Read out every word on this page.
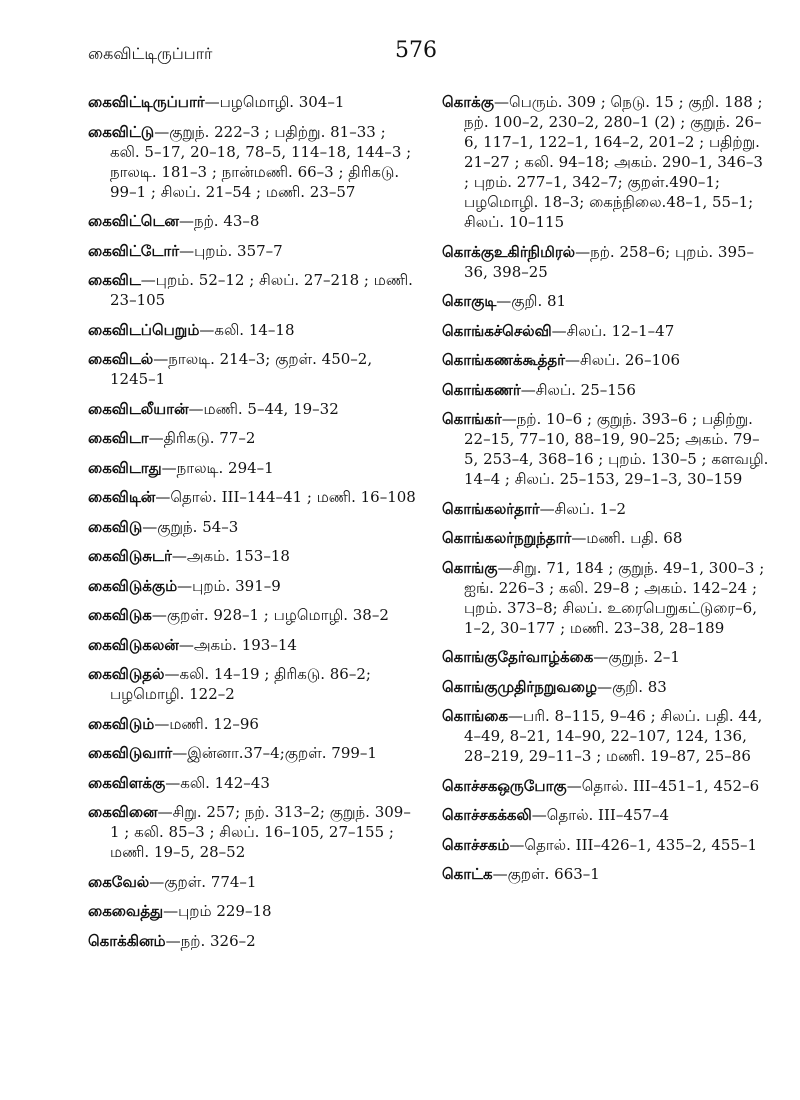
கைவிட்டிருப்பார்	576
கைவிட்டிருப்பார்—பழமொழி. 304–1
கைவிட்டு—குறுந். 222–3 ; பதிற்று. 81–33 ; கலி. 5–17, 20–18, 78–5, 114–18, 144–3 ; நாலடி. 181–3 ; நான்மணி. 66–3 ; திரிகடு. 99–1 ; சிலப். 21–54 ; மணி. 23–57
கைவிட்டென—நற். 43–8
கைவிட்டோர்—புறம். 357–7
கைவிட—புறம். 52–12 ; சிலப். 27–218 ; மணி. 23–105
கைவிடப்பெறும்—கலி. 14–18
கைவிடல்—நாலடி. 214–3; குறள். 450–2, 1245–1
கைவிடலீயான்—மணி. 5–44, 19–32
கைவிடா—திரிகடு. 77–2
கைவிடாது—நாலடி. 294–1
கைவிடின்—தொல். III–144–41 ; மணி. 16–108
கைவிடு—குறுந். 54–3
கைவிடுசுடர்—அகம். 153–18
கைவிடுக்கும்—புறம். 391–9
கைவிடுக—குறள். 928–1 ; பழமொழி. 38–2
கைவிடுகலன்—அகம். 193–14
கைவிடுதல்—கலி. 14–19 ; திரிகடு. 86–2; பழமொழி. 122–2
கைவிடும்—மணி. 12–96
கைவிடுவார்—இன்னா.37–4;குறள். 799–1
கைவிளக்கு—கலி. 142–43
கைவினை—சிறு. 257; நற். 313–2; குறுந். 309–1 ; கலி. 85–3 ; சிலப். 16–105, 27–155 ; மணி. 19–5, 28–52
கைவேல்—குறள். 774–1
கைவைத்து—புறம் 229–18
கொக்கினம்—நற். 326–2
கொக்கு—பெரும். 309 ; நெடு. 15 ; குறி. 188 ; நற். 100–2, 230–2, 280–1 (2) ; குறுந். 26–6, 117–1, 122–1, 164–2, 201–2 ; பதிற்று. 21–27 ; கலி. 94–18; அகம். 290–1, 346–3 ; புறம். 277–1, 342–7; குறள்.490–1; பழமொழி. 18–3; கைந்நிலை.48–1, 55–1; சிலப். 10–115
கொக்குஉகிர்நிமிரல்—நற். 258–6; புறம். 395–36, 398–25
கொகுடி—குறி. 81
கொங்கச்செல்வி—சிலப். 12–1–47
கொங்கணக்கூத்தர்—சிலப். 26–106
கொங்கணர்—சிலப். 25–156
கொங்கர்—நற். 10–6 ; குறுந். 393–6 ; பதிற்று. 22–15, 77–10, 88–19, 90–25; அகம். 79–5, 253–4, 368–16 ; புறம். 130–5 ; களவழி. 14–4 ; சிலப். 25–153, 29–1–3, 30–159
கொங்கலர்தார்—சிலப். 1–2
கொங்கலர்நறுந்தார்—மணி. பதி. 68
கொங்கு—சிறு. 71, 184 ; குறுந். 49–1, 300–3 ; ஐங். 226–3 ; கலி. 29–8 ; அகம். 142–24 ; புறம். 373–8; சிலப். உரைபெறுகட்டுரை–6, 1–2, 30–177 ; மணி. 23–38, 28–189
கொங்குதேர்வாழ்க்கை—குறுந். 2–1
கொங்குமுதிர்நறுவழை—குறி. 83
கொங்கை—பரி. 8–115, 9–46 ; சிலப். பதி. 44, 4–49, 8–21, 14–90, 22–107, 124, 136, 28–219, 29–11–3 ; மணி. 19–87, 25–86
கொச்சகஒருபோகு—தொல். III–451–1, 452–6
கொச்சகக்கலி—தொல். III–457–4
கொச்சகம்—தொல். III–426–1, 435–2, 455–1
கொட்க—குறள். 663–1
